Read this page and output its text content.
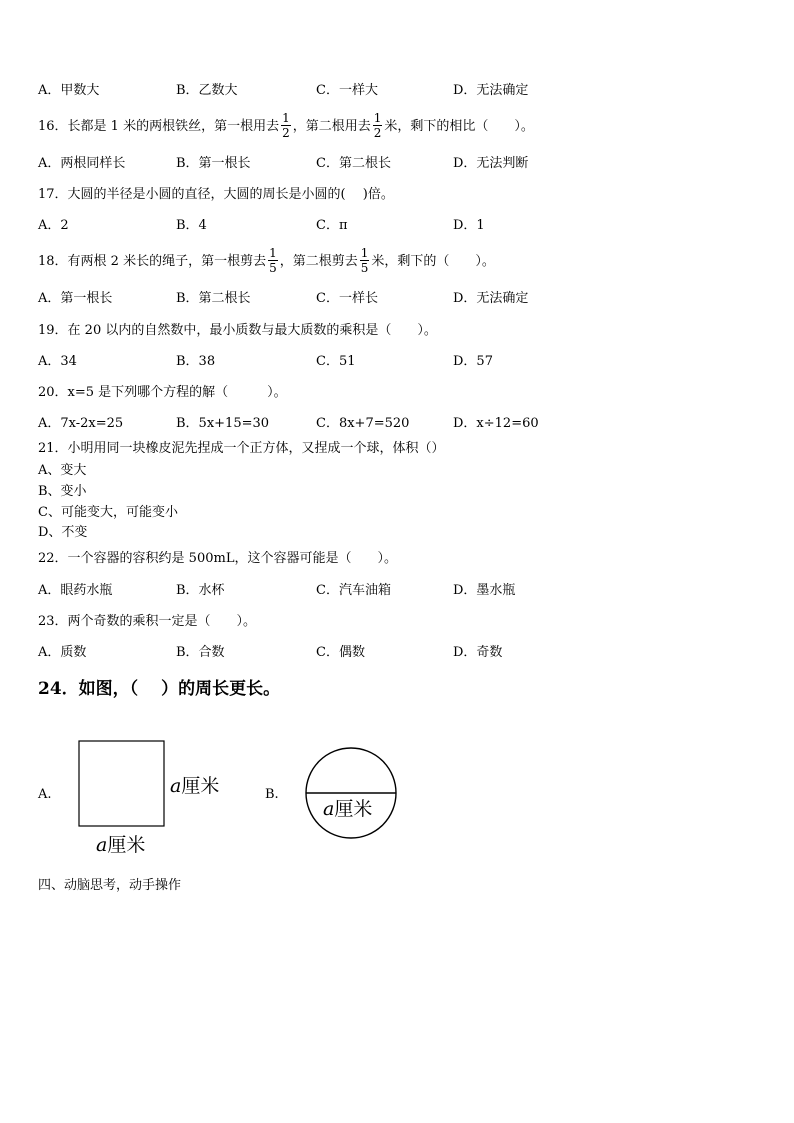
A．甲数大	B．乙数大	C．一样大	D．无法确定
16．长都是 1 米的两根铁丝，第一根用去 $\frac{1}{2}$ ，第二根用去 $\frac{1}{2}$ 米，剩下的相比（　　）。
A．两根同样长	B．第一根长	C．第二根长	D．无法判断
17．大圆的半径是小圆的直径，大圆的周长是小圆的(　 )倍。
A．2	B．4	C．π	D．1
18．有两根 2 米长的绳子，第一根剪去 $\frac{1}{5}$ ，第二根剪去 $\frac{1}{5}$ 米，剩下的（　　）。
A．第一根长	B．第二根长	C．一样长	D．无法确定
19．在 20 以内的自然数中，最小质数与最大质数的乘积是（　　）。
A．34	B．38	C．51	D．57
20．x=5 是下列哪个方程的解（　　　）。
A．7x-2x=25	B．5x+15=30	C．8x+7=520	D．x÷12=60
21．小明用同一块橡皮泥先捏成一个正方体，又捏成一个球，体积（）
A、变大
B、变小
C、可能变大，可能变小
D、不变
22．一个容器的容积约是 500mL，这个容器可能是（　　）。
A．眼药水瓶	B．水杯	C．汽车油箱	D．墨水瓶
23．两个奇数的乘积一定是（　　）。
A．质数	B．合数	C．偶数	D．奇数
24．如图，（　 ）的周长更长。
A.	a厘米
a厘米
B.
a厘米
四、动脑思考，动手操作
